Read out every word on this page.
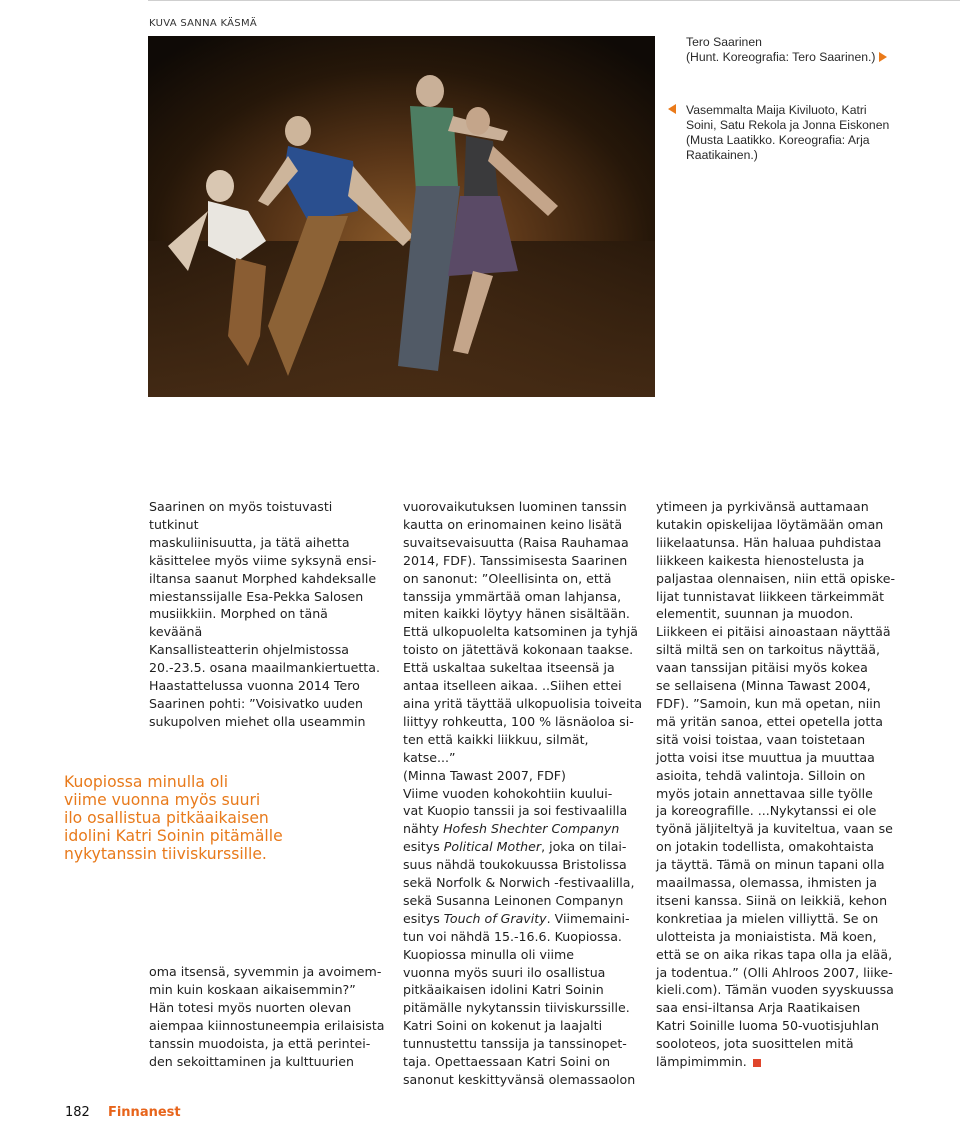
KUVA SANNA KÄSMÄ
Tero Saarinen
(Hunt. Koreografia: Tero Saarinen.)
Vasemmalta Maija Kiviluoto, Katri
Soini, Satu Rekola ja Jonna Eiskonen
(Musta Laatikko. Koreografia: Arja
Raatikainen.)

Saarinen on myös toistuvasti tutkinut
maskuliinisuutta, ja tätä aihetta
käsittelee myös viime syksynä ensi-
iltansa saanut Morphed kahdeksalle
miestanssijalle Esa-Pekka Salosen
musiikkiin. Morphed on tänä keväänä
Kansallisteatterin ohjelmistossa
20.-23.5. osana maailmankiertuetta.
Haastattelussa vuonna 2014 Tero
Saarinen pohti: ”Voisivatko uuden
sukupolven miehet olla useammin

Kuopiossa minulla oli
viime vuonna myös suuri
ilo osallistua pitkäaikaisen
idolini Katri Soinin pitämälle
nykytanssin tiiviskurssille.

oma itsensä, syvemmin ja avoimem-
min kuin koskaan aikaisemmin?”
Hän totesi myös nuorten olevan
aiempaa kiinnostuneempia erilaisista
tanssin muodoista, ja että perintei-
den sekoittaminen ja kulttuurien

vuorovaikutuksen luominen tanssin
kautta on erinomainen keino lisätä
suvaitsevaisuutta (Raisa Rauhamaa
2014, FDF). Tanssimisesta Saarinen
on sanonut: ”Oleellisinta on, että
tanssija ymmärtää oman lahjansa,
miten kaikki löytyy hänen sisältään.
Että ulkopuolelta katsominen ja tyhjä
toisto on jätettävä kokonaan taakse.
Että uskaltaa sukeltaa itseensä ja
antaa itselleen aikaa. ..Siihen ettei
aina yritä täyttää ulkopuolisia toiveita
liittyy rohkeutta, 100 % läsnäoloa si-
ten että kaikki liikkuu, silmät, katse...”
(Minna Tawast 2007, FDF)

Viime vuoden kohokohtiin kuului-
vat Kuopio tanssii ja soi festivaalilla
nähty Hofesh Shechter Companyn
esitys Political Mother, joka on tilai-
suus nähdä toukokuussa Bristolissa
sekä Norfolk & Norwich -festivaalilla,
sekä Susanna Leinonen Companyn
esitys Touch of Gravity. Viimemaini-
tun voi nähdä 15.-16.6. Kuopiossa.

Kuopiossa minulla oli viime
vuonna myös suuri ilo osallistua
pitkäaikaisen idolini Katri Soinin
pitämälle nykytanssin tiiviskurssille.
Katri Soini on kokenut ja laajalti
tunnustettu tanssija ja tanssinopet-
taja. Opettaessaan Katri Soini on
sanonut keskittyvänsä olemassaolon

ytimeen ja pyrkivänsä auttamaan
kutakin opiskelijaa löytämään oman
liikelaatunsa. Hän haluaa puhdistaa
liikkeen kaikesta hienostelusta ja
paljastaa olennaisen, niin että opiske-
lijat tunnistavat liikkeen tärkeimmät
elementit, suunnan ja muodon.
Liikkeen ei pitäisi ainoastaan näyttää
siltä miltä sen on tarkoitus näyttää,
vaan tanssijan pitäisi myös kokea
se sellaisena (Minna Tawast 2004,
FDF). ”Samoin, kun mä opetan, niin
mä yritän sanoa, ettei opetella jotta
sitä voisi toistaa, vaan toistetaan
jotta voisi itse muuttua ja muuttaa
asioita, tehdä valintoja. Silloin on
myös jotain annettavaa sille työlle
ja koreografille. ...Nykytanssi ei ole
työnä jäljiteltyä ja kuviteltua, vaan se
on jotakin todellista, omakohtaista
ja täyttä. Tämä on minun tapani olla
maailmassa, olemassa, ihmisten ja
itseni kanssa. Siinä on leikkiä, kehon
konkretiaa ja mielen villiyttä. Se on
ulotteista ja moniaistista. Mä koen,
että se on aika rikas tapa olla ja elää,
ja todentua.” (Olli Ahlroos 2007, liike-
kieli.com). Tämän vuoden syyskuussa
saa ensi-iltansa Arja Raatikaisen
Katri Soinille luoma 50-vuotisjuhlan
sooloteos, jota suosittelen mitä
lämpimimmin.

182 Finnanest
